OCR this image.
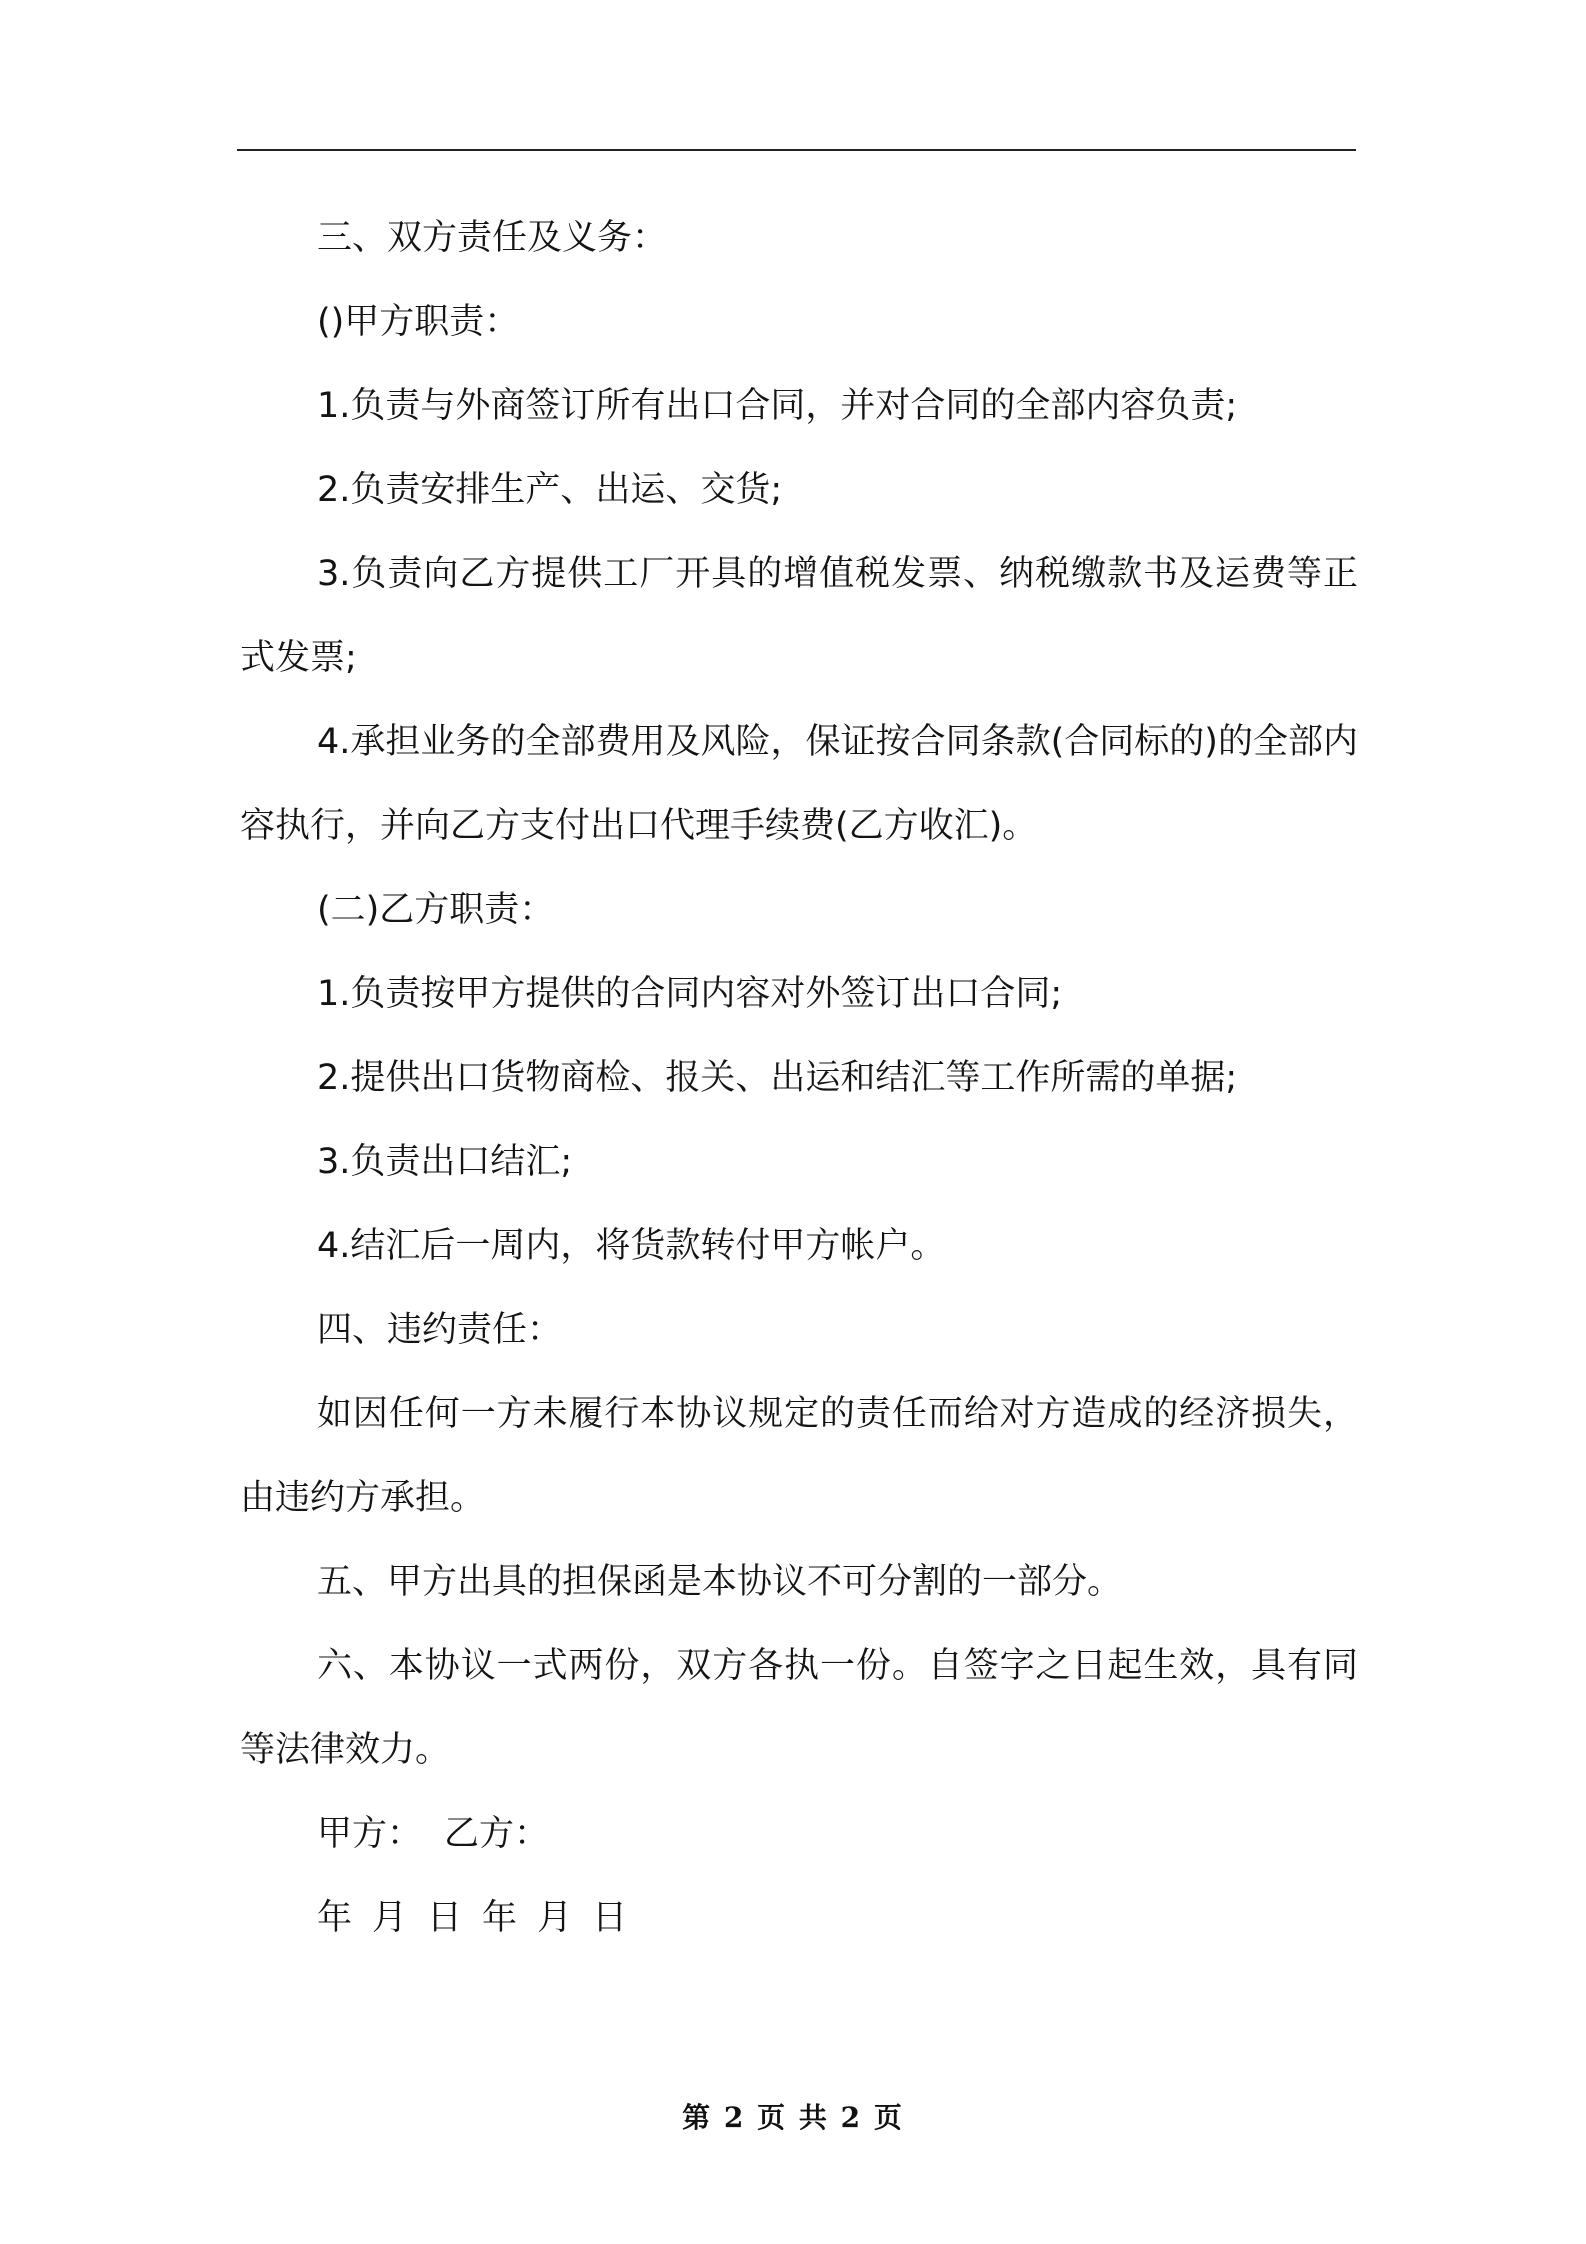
三、双方责任及义务：

()甲方职责：

1.负责与外商签订所有出口合同，并对合同的全部内容负责;

2.负责安排生产、出运、交货;

3.负责向乙方提供工厂开具的增值税发票、纳税缴款书及运费等正式发票;

4.承担业务的全部费用及风险，保证按合同条款(合同标的)的全部内容执行，并向乙方支付出口代理手续费(乙方收汇)。

(二)乙方职责：

1.负责按甲方提供的合同内容对外签订出口合同;

2.提供出口货物商检、报关、出运和结汇等工作所需的单据;

3.负责出口结汇;

4.结汇后一周内，将货款转付甲方帐户。

四、违约责任：

如因任何一方未履行本协议规定的责任而给对方造成的经济损失，由违约方承担。

五、甲方出具的担保函是本协议不可分割的一部分。

六、本协议一式两份，双方各执一份。自签字之日起生效，具有同等法律效力。

甲方： 乙方：

年 月 日 年 月 日

第 2 页 共 2 页
